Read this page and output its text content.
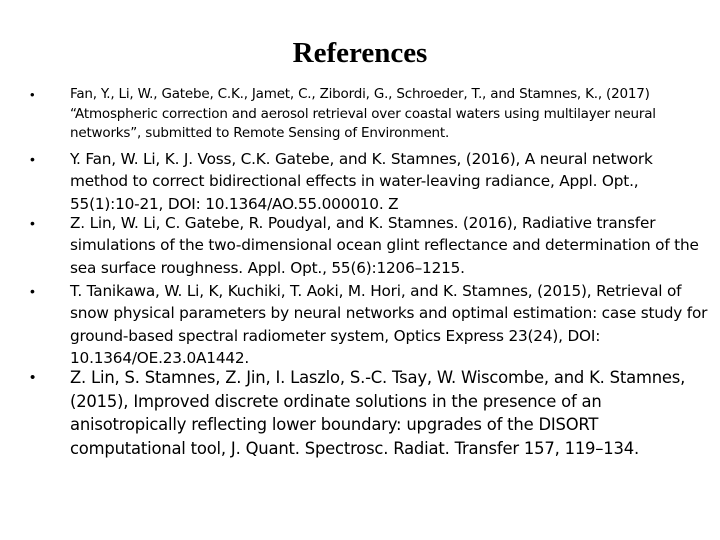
References
•	Fan, Y., Li, W., Gatebe, C.K., Jamet, C., Zibordi, G., Schroeder, T., and Stamnes, K., (2017) “Atmospheric correction and aerosol retrieval over coastal waters using multilayer neural networks”, submitted to Remote Sensing of Environment.
• Y. Fan, W. Li, K. J. Voss, C.K. Gatebe, and K. Stamnes, (2016), A neural network method to correct bidirectional effects in water-leaving radiance, Appl. Opt., 55(1):10-21, DOI: 10.1364/AO.55.000010. Z
• Z. Lin, W. Li, C. Gatebe, R. Poudyal, and K. Stamnes. (2016), Radiative transfer simulations of the two-dimensional ocean glint reflectance and determination of the sea surface roughness. Appl. Opt., 55(6):1206–1215.
• T. Tanikawa, W. Li, K, Kuchiki, T. Aoki, M. Hori, and K. Stamnes, (2015), Retrieval of snow physical parameters by neural networks and optimal estimation: case study for ground-based spectral radiometer system, Optics Express 23(24), DOI: 10.1364/OE.23.0A1442.
• Z. Lin, S. Stamnes, Z. Jin, I. Laszlo, S.-C. Tsay, W. Wiscombe, and K. Stamnes, (2015), Improved discrete ordinate solutions in the presence of an anisotropically reflecting lower boundary: upgrades of the DISORT computational tool, J. Quant. Spectrosc. Radiat. Transfer 157, 119–134.
